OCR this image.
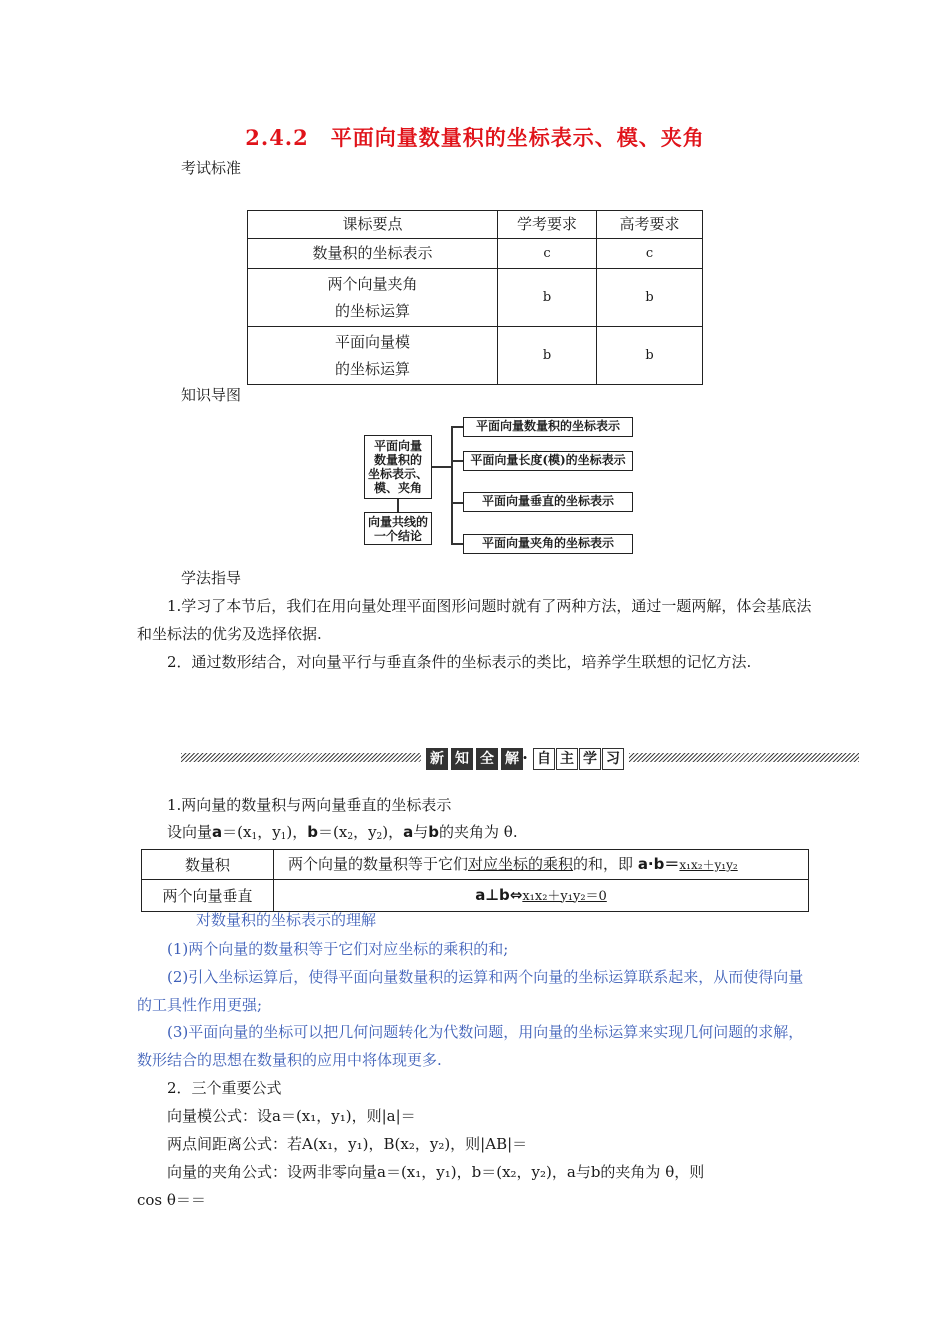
2.4.2　平面向量数量积的坐标表示、模、夹角
考试标准
课标要点	学考要求	高考要求
数量积的坐标表示	c	c

两个向量夹角
的坐标运算	b	b

平面向量模
的坐标运算	b	b
知识导图
平面向量
数量积的
坐标表示、
模、夹角
向量共线的
一个结论
平面向量数量积的坐标表示
平面向量长度(模)的坐标表示
平面向量垂直的坐标表示
平面向量夹角的坐标表示
学法指导
1.学习了本节后，我们在用向量处理平面图形问题时就有了两种方法，通过一题两解，体会基底法和坐标法的优劣及选择依据.
2．通过数形结合，对向量平行与垂直条件的坐标表示的类比，培养学生联想的记忆方法.
新 知 全 解 · 自 主 学 习
1.两向量的数量积与两向量垂直的坐标表示
设向量$a=(x_1$，$y_1$)，$b=(x_2$，$y_2$)，a与b的夹角为 θ.
数量积	两个向量的数量积等于它们对应坐标的乘积的和，即 a·b＝x₁x₂＋y₁y₂
两个向量垂直	a⊥b⇔x₁x₂＋y₁y₂＝0
对数量积的坐标表示的理解
(1)两个向量的数量积等于它们对应坐标的乘积的和;
(2)引入坐标运算后，使得平面向量数量积的运算和两个向量的坐标运算联系起来，从而使得向量的工具性作用更强;
(3)平面向量的坐标可以把几何问题转化为代数问题，用向量的坐标运算来实现几何问题的求解，数形结合的思想在数量积的应用中将体现更多.
2．三个重要公式
向量模公式：设a＝(x₁，y₁)，则|a|＝
两点间距离公式：若A(x₁，y₁)，B(x₂，y₂)，则|AB|＝
向量的夹角公式：设两非零向量a＝(x₁，y₁)，b＝(x₂，y₂)，a与b的夹角为 θ，则
cos θ＝＝
